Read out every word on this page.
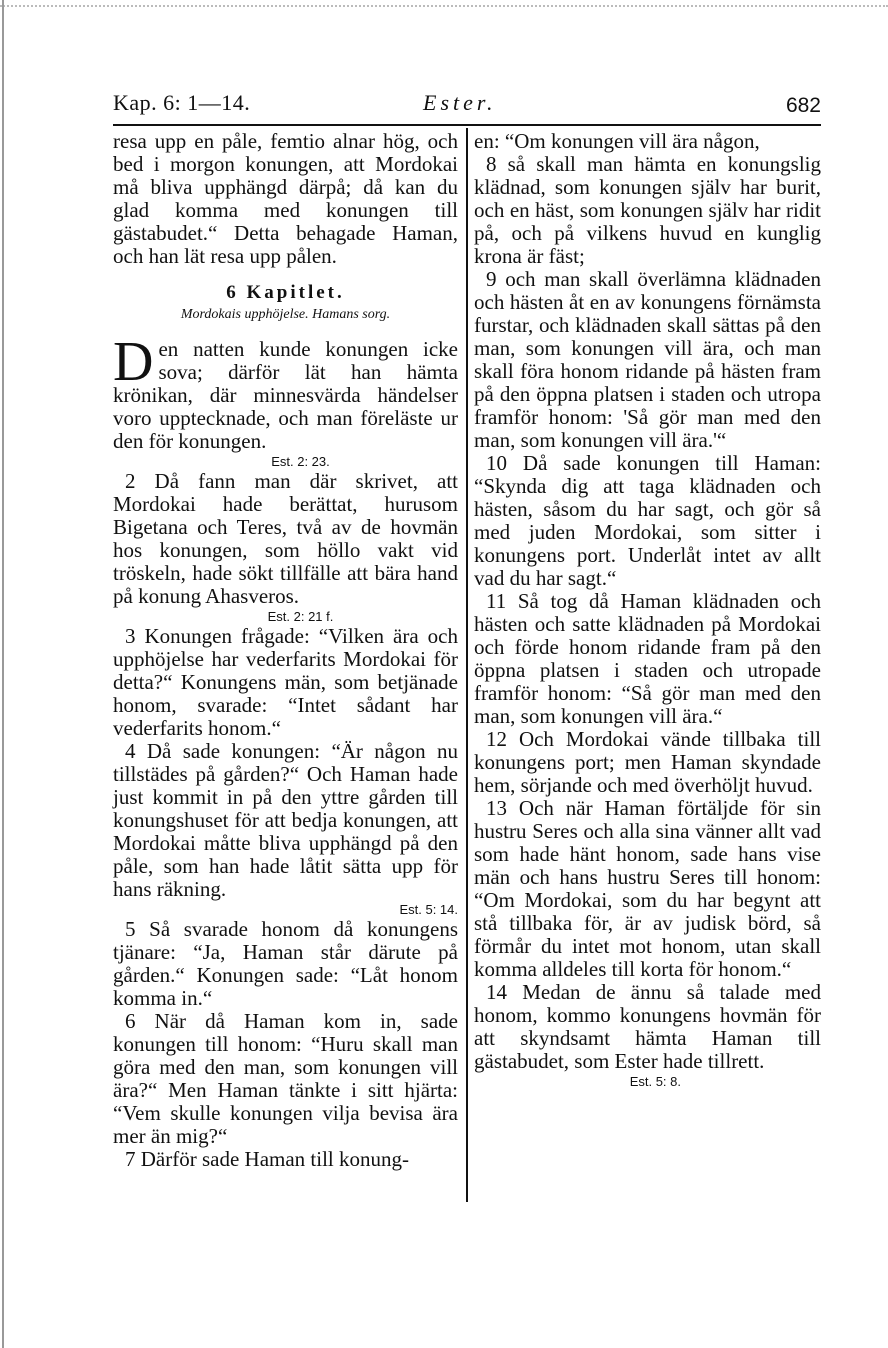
Kap. 6: 1—14.	Ester.	682

resa upp en påle, femtio alnar hög, och bed i morgon konungen, att Mordokai må bliva upphängd därpå; då kan du glad komma med konungen till gästabudet.“ Detta behagade Haman, och han lät resa upp pålen.

6 Kapitlet.
Mordokais upphöjelse. Hamans sorg.

Den natten kunde konungen icke sova; därför lät han hämta krönikan, där minnesvärda händelser voro upptecknade, och man föreläste ur den för konungen.

Est. 2: 23.

2 Då fann man där skrivet, att Mordokai hade berättat, hurusom Bigetana och Teres, två av de hovmän hos konungen, som höllo vakt vid tröskeln, hade sökt tillfälle att bära hand på konung Ahasveros.

Est. 2: 21 f.

3 Konungen frågade: “Vilken ära och upphöjelse har vederfarits Mordokai för detta?“ Konungens män, som betjänade honom, svarade: “Intet sådant har vederfarits honom.“

4 Då sade konungen: “Är någon nu tillstädes på gården?“ Och Haman hade just kommit in på den yttre gården till konungshuset för att bedja konungen, att Mordokai måtte bliva upphängd på den påle, som han hade låtit sätta upp för hans räkning.

Est. 5: 14.

5 Så svarade honom då konungens tjänare: “Ja, Haman står därute på gården.“ Konungen sade: “Låt honom komma in.“

6 När då Haman kom in, sade konungen till honom: “Huru skall man göra med den man, som konungen vill ära?“ Men Haman tänkte i sitt hjärta: “Vem skulle konungen vilja bevisa ära mer än mig?“

7 Därför sade Haman till konung-

en: “Om konungen vill ära någon,

8 så skall man hämta en konungslig klädnad, som konungen själv har burit, och en häst, som konungen själv har ridit på, och på vilkens huvud en kunglig krona är fäst;

9 och man skall överlämna klädnaden och hästen åt en av konungens förnämsta furstar, och klädnaden skall sättas på den man, som konungen vill ära, och man skall föra honom ridande på hästen fram på den öppna platsen i staden och utropa framför honom: 'Så gör man med den man, som konungen vill ära.'“

10 Då sade konungen till Haman: “Skynda dig att taga klädnaden och hästen, såsom du har sagt, och gör så med juden Mordokai, som sitter i konungens port. Underlåt intet av allt vad du har sagt.“

11 Så tog då Haman klädnaden och hästen och satte klädnaden på Mordokai och förde honom ridande fram på den öppna platsen i staden och utropade framför honom: “Så gör man med den man, som konungen vill ära.“

12 Och Mordokai vände tillbaka till konungens port; men Haman skyndade hem, sörjande och med överhöljt huvud.

13 Och när Haman förtäljde för sin hustru Seres och alla sina vänner allt vad som hade hänt honom, sade hans vise män och hans hustru Seres till honom: “Om Mordokai, som du har begynt att stå tillbaka för, är av judisk börd, så förmår du intet mot honom, utan skall komma alldeles till korta för honom.“

14 Medan de ännu så talade med honom, kommo konungens hovmän för att skyndsamt hämta Haman till gästabudet, som Ester hade tillrett.

Est. 5: 8.
